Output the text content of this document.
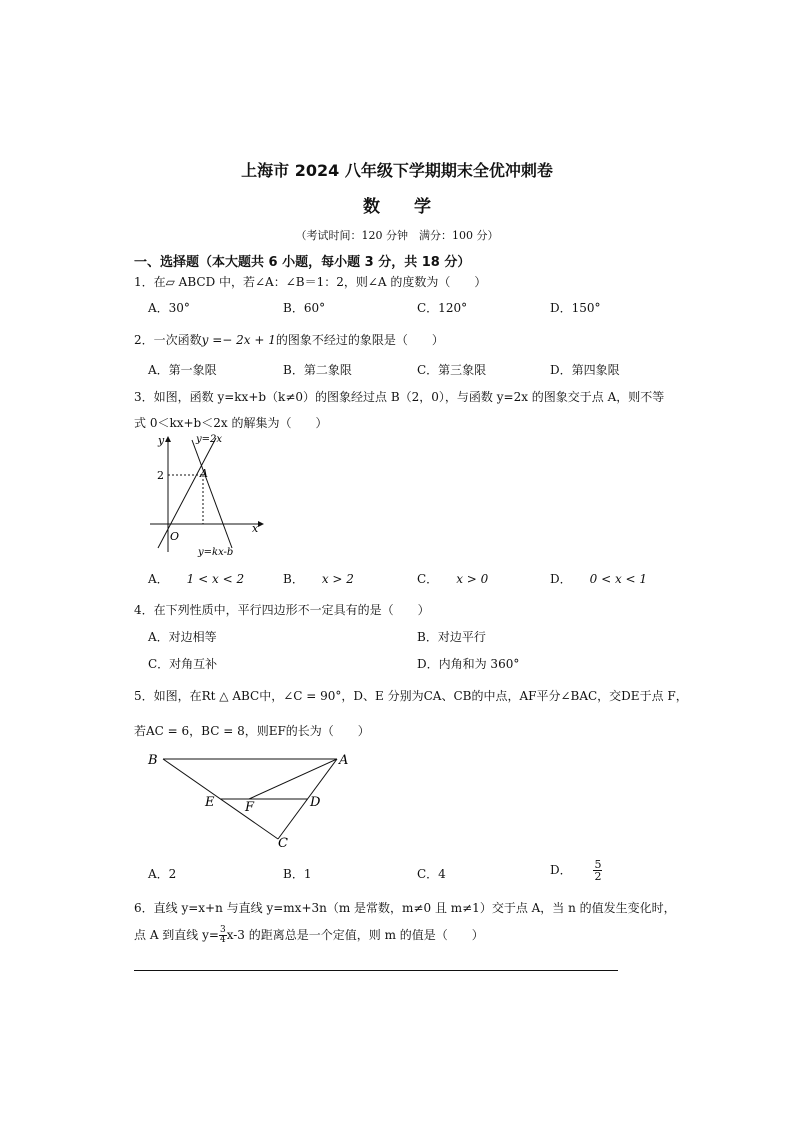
上海市 2024 八年级下学期期末全优冲刺卷
数 学
（考试时间：120 分钟　满分：100 分）
一、选择题（本大题共 6 小题，每小题 3 分，共 18 分）
1．在▱ ABCD 中，若∠A：∠B＝1：2，则∠A 的度数为（　　）
A．30°	B．60°	C．120°	D．150°
2．一次函数y =− 2x + 1的图象不经过的象限是（　　）
A．第一象限	B．第二象限	C．第三象限	D．第四象限
3．如图，函数 y=kx+b（k≠0）的图象经过点 B（2，0），与函数 y=2x 的图象交于点 A，则不等
式 0＜kx+b＜2x 的解集为（　　）
y
x
O
2	A
y=2x
y=kx-b
A． 1 < x < 2	B． x > 2	C． x > 0	D． 0 < x < 1
4．在下列性质中，平行四边形不一定具有的是（　　）
A．对边相等	B．对边平行
C．对角互补	D．内角和为 360°
5．如图，在Rt △ ABC中，∠C = 90°，D、E 分别为CA、CB的中点，AF平分∠BAC，交DE于点 F，
若AC = 6，BC = 8，则EF的长为（　　）
B	A
E F	D
C
A．2	B．1	C．4	D． $\frac{5}{2}$
6．直线 y=x+n 与直线 y=mx+3n（m 是常数，m≠0 且 m≠1）交于点 A，当 n 的值发生变化时，
点 A 到直线 $y= \frac{3}{4} x-3$ 的距离总是一个定值，则 m 的值是（　　）
